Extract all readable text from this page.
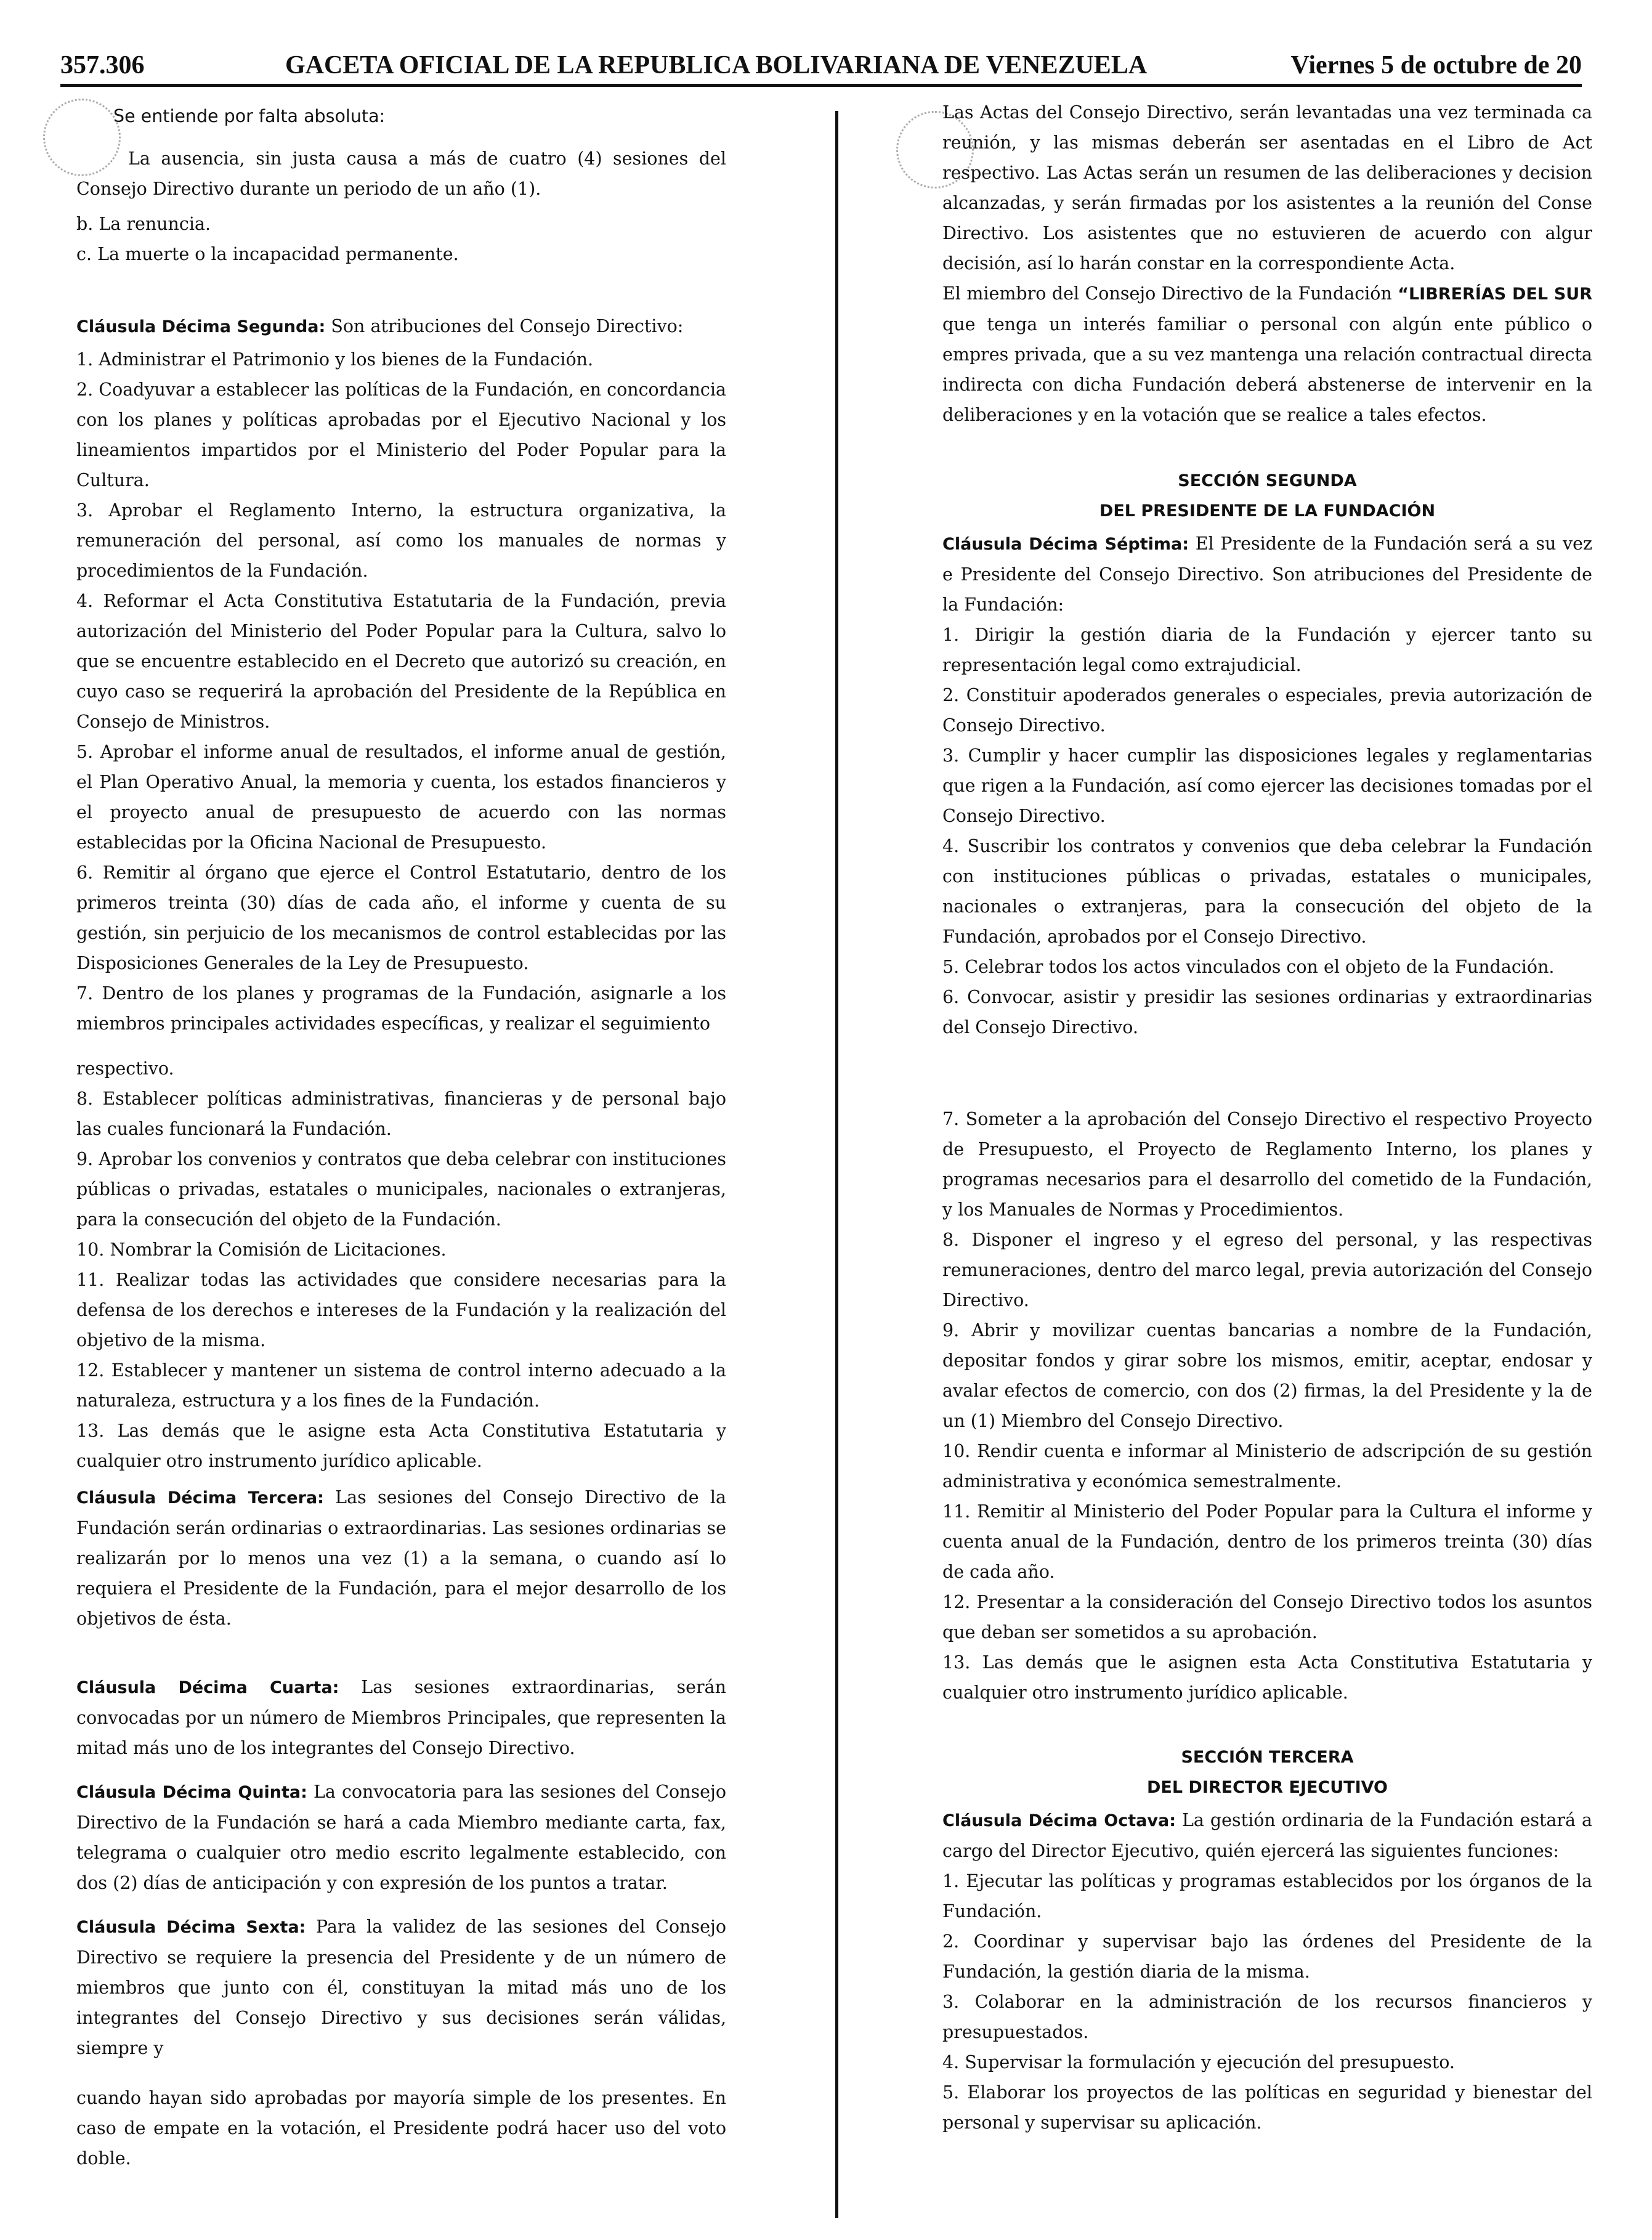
357.306	GACETA OFICIAL DE LA REPUBLICA BOLIVARIANA DE VENEZUELA	Viernes 5 de octubre de 20

Se entiende por falta absoluta:

La ausencia, sin justa causa a más de cuatro (4) sesiones del Consejo Directivo durante un periodo de un año (1).

b. La renuncia.

c. La muerte o la incapacidad permanente.

Cláusula Décima Segunda: Son atribuciones del Consejo Directivo:

1. Administrar el Patrimonio y los bienes de la Fundación.

2. Coadyuvar a establecer las políticas de la Fundación, en concordancia con los planes y políticas aprobadas por el Ejecutivo Nacional y los lineamientos impartidos por el Ministerio del Poder Popular para la Cultura.

3. Aprobar el Reglamento Interno, la estructura organizativa, la remuneración del personal, así como los manuales de normas y procedimientos de la Fundación.

4. Reformar el Acta Constitutiva Estatutaria de la Fundación, previa autorización del Ministerio del Poder Popular para la Cultura, salvo lo que se encuentre establecido en el Decreto que autorizó su creación, en cuyo caso se requerirá la aprobación del Presidente de la República en Consejo de Ministros.

5. Aprobar el informe anual de resultados, el informe anual de gestión, el Plan Operativo Anual, la memoria y cuenta, los estados financieros y el proyecto anual de presupuesto de acuerdo con las normas establecidas por la Oficina Nacional de Presupuesto.

6. Remitir al órgano que ejerce el Control Estatutario, dentro de los primeros treinta (30) días de cada año, el informe y cuenta de su gestión, sin perjuicio de los mecanismos de control establecidas por las Disposiciones Generales de la Ley de Presupuesto.

7. Dentro de los planes y programas de la Fundación, asignarle a los miembros principales actividades específicas, y realizar el seguimiento

respectivo.

8. Establecer políticas administrativas, financieras y de personal bajo las cuales funcionará la Fundación.

9. Aprobar los convenios y contratos que deba celebrar con instituciones públicas o privadas, estatales o municipales, nacionales o extranjeras, para la consecución del objeto de la Fundación.

10. Nombrar la Comisión de Licitaciones.

11. Realizar todas las actividades que considere necesarias para la defensa de los derechos e intereses de la Fundación y la realización del objetivo de la misma.

12. Establecer y mantener un sistema de control interno adecuado a la naturaleza, estructura y a los fines de la Fundación.

13. Las demás que le asigne esta Acta Constitutiva Estatutaria y cualquier otro instrumento jurídico aplicable.

Cláusula Décima Tercera: Las sesiones del Consejo Directivo de la Fundación serán ordinarias o extraordinarias. Las sesiones ordinarias se realizarán por lo menos una vez (1) a la semana, o cuando así lo requiera el Presidente de la Fundación, para el mejor desarrollo de los objetivos de ésta.

Cláusula Décima Cuarta: Las sesiones extraordinarias, serán convocadas por un número de Miembros Principales, que representen la mitad más uno de los integrantes del Consejo Directivo.

Cláusula Décima Quinta: La convocatoria para las sesiones del Consejo Directivo de la Fundación se hará a cada Miembro mediante carta, fax, telegrama o cualquier otro medio escrito legalmente establecido, con dos (2) días de anticipación y con expresión de los puntos a tratar.

Cláusula Décima Sexta: Para la validez de las sesiones del Consejo Directivo se requiere la presencia del Presidente y de un número de miembros que junto con él, constituyan la mitad más uno de los integrantes del Consejo Directivo y sus decisiones serán válidas, siempre y

cuando hayan sido aprobadas por mayoría simple de los presentes. En caso de empate en la votación, el Presidente podrá hacer uso del voto doble.

Las Actas del Consejo Directivo, serán levantadas una vez terminada ca reunión, y las mismas deberán ser asentadas en el Libro de Act respectivo. Las Actas serán un resumen de las deliberaciones y decision alcanzadas, y serán firmadas por los asistentes a la reunión del Conse Directivo. Los asistentes que no estuvieren de acuerdo con algur decisión, así lo harán constar en la correspondiente Acta.

El miembro del Consejo Directivo de la Fundación “LIBRERÍAS DEL SUR que tenga un interés familiar o personal con algún ente público o empres privada, que a su vez mantenga una relación contractual directa indirecta con dicha Fundación deberá abstenerse de intervenir en la deliberaciones y en la votación que se realice a tales efectos.

SECCIÓN SEGUNDA

DEL PRESIDENTE DE LA FUNDACIÓN

Cláusula Décima Séptima: El Presidente de la Fundación será a su vez e Presidente del Consejo Directivo. Son atribuciones del Presidente de la Fundación:

1. Dirigir la gestión diaria de la Fundación y ejercer tanto su representación legal como extrajudicial.

2. Constituir apoderados generales o especiales, previa autorización de Consejo Directivo.

3. Cumplir y hacer cumplir las disposiciones legales y reglamentarias que rigen a la Fundación, así como ejercer las decisiones tomadas por el Consejo Directivo.

4. Suscribir los contratos y convenios que deba celebrar la Fundación con instituciones públicas o privadas, estatales o municipales, nacionales o extranjeras, para la consecución del objeto de la Fundación, aprobados por el Consejo Directivo.

5. Celebrar todos los actos vinculados con el objeto de la Fundación.

6. Convocar, asistir y presidir las sesiones ordinarias y extraordinarias del Consejo Directivo.

7. Someter a la aprobación del Consejo Directivo el respectivo Proyecto de Presupuesto, el Proyecto de Reglamento Interno, los planes y programas necesarios para el desarrollo del cometido de la Fundación, y los Manuales de Normas y Procedimientos.

8. Disponer el ingreso y el egreso del personal, y las respectivas remuneraciones, dentro del marco legal, previa autorización del Consejo Directivo.

9. Abrir y movilizar cuentas bancarias a nombre de la Fundación, depositar fondos y girar sobre los mismos, emitir, aceptar, endosar y avalar efectos de comercio, con dos (2) firmas, la del Presidente y la de un (1) Miembro del Consejo Directivo.

10. Rendir cuenta e informar al Ministerio de adscripción de su gestión administrativa y económica semestralmente.

11. Remitir al Ministerio del Poder Popular para la Cultura el informe y cuenta anual de la Fundación, dentro de los primeros treinta (30) días de cada año.

12. Presentar a la consideración del Consejo Directivo todos los asuntos que deban ser sometidos a su aprobación.

13. Las demás que le asignen esta Acta Constitutiva Estatutaria y cualquier otro instrumento jurídico aplicable.

SECCIÓN TERCERA

DEL DIRECTOR EJECUTIVO

Cláusula Décima Octava: La gestión ordinaria de la Fundación estará a cargo del Director Ejecutivo, quién ejercerá las siguientes funciones:

1. Ejecutar las políticas y programas establecidos por los órganos de la Fundación.

2. Coordinar y supervisar bajo las órdenes del Presidente de la Fundación, la gestión diaria de la misma.

3. Colaborar en la administración de los recursos financieros y presupuestados.

4. Supervisar la formulación y ejecución del presupuesto.

5. Elaborar los proyectos de las políticas en seguridad y bienestar del personal y supervisar su aplicación.
